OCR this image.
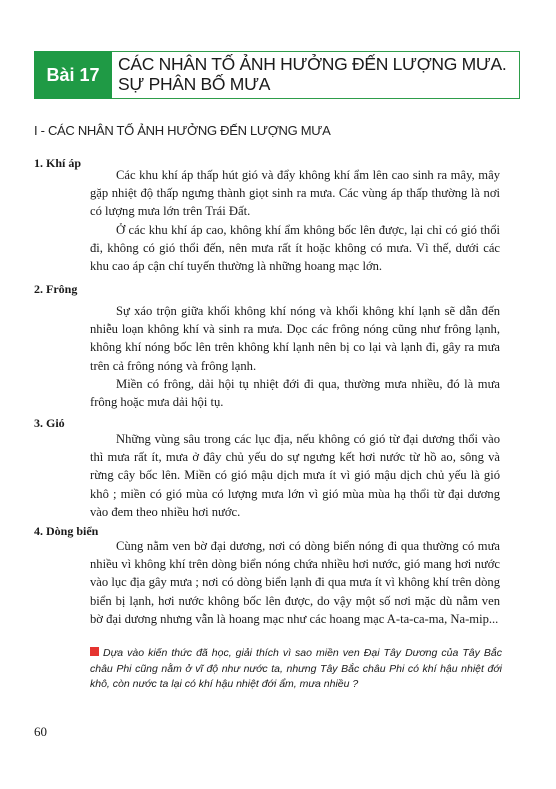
Bài 17
CÁC NHÂN TỐ ẢNH HƯỞNG ĐẾN LƯỢNG MƯA.
SỰ PHÂN BỐ MƯA
I - CÁC NHÂN TỐ ẢNH HƯỞNG ĐẾN LƯỢNG MƯA
1. Khí áp

Các khu khí áp thấp hút gió và đẩy không khí ẩm lên cao sinh ra mây, mây gặp nhiệt độ thấp ngưng thành giọt sinh ra mưa. Các vùng áp thấp thường là nơi có lượng mưa lớn trên Trái Đất.

Ở các khu khí áp cao, không khí ẩm không bốc lên được, lại chỉ có gió thổi đi, không có gió thổi đến, nên mưa rất ít hoặc không có mưa. Vì thế, dưới các khu cao áp cận chí tuyến thường là những hoang mạc lớn.

2. Frông

Sự xáo trộn giữa khối không khí nóng và khối không khí lạnh sẽ dẫn đến nhiễu loạn không khí và sinh ra mưa. Dọc các frông nóng cũng như frông lạnh, không khí nóng bốc lên trên không khí lạnh nên bị co lại và lạnh đi, gây ra mưa trên cả frông nóng và frông lạnh.

Miền có frông, dải hội tụ nhiệt đới đi qua, thường mưa nhiều, đó là mưa frông hoặc mưa dải hội tụ.

3. Gió

Những vùng sâu trong các lục địa, nếu không có gió từ đại dương thổi vào thì mưa rất ít, mưa ở đây chủ yếu do sự ngưng kết hơi nước từ hồ ao, sông và rừng cây bốc lên. Miền có gió mậu dịch mưa ít vì gió mậu dịch chủ yếu là gió khô ; miền có gió mùa có lượng mưa lớn vì gió mùa mùa hạ thổi từ đại dương vào đem theo nhiều hơi nước.

4. Dòng biển

Cùng nằm ven bờ đại dương, nơi có dòng biển nóng đi qua thường có mưa nhiều vì không khí trên dòng biển nóng chứa nhiều hơi nước, gió mang hơi nước vào lục địa gây mưa ; nơi có dòng biển lạnh đi qua mưa ít vì không khí trên dòng biển bị lạnh, hơi nước không bốc lên được, do vậy một số nơi mặc dù nằm ven bờ đại dương nhưng vẫn là hoang mạc như các hoang mạc A-ta-ca-ma, Na-mip...

Dựa vào kiến thức đã học, giải thích vì sao miền ven Đại Tây Dương của Tây Bắc châu Phi cũng nằm ở vĩ độ như nước ta, nhưng Tây Bắc châu Phi có khí hậu nhiệt đới khô, còn nước ta lại có khí hậu nhiệt đới ẩm, mưa nhiều ?
60
